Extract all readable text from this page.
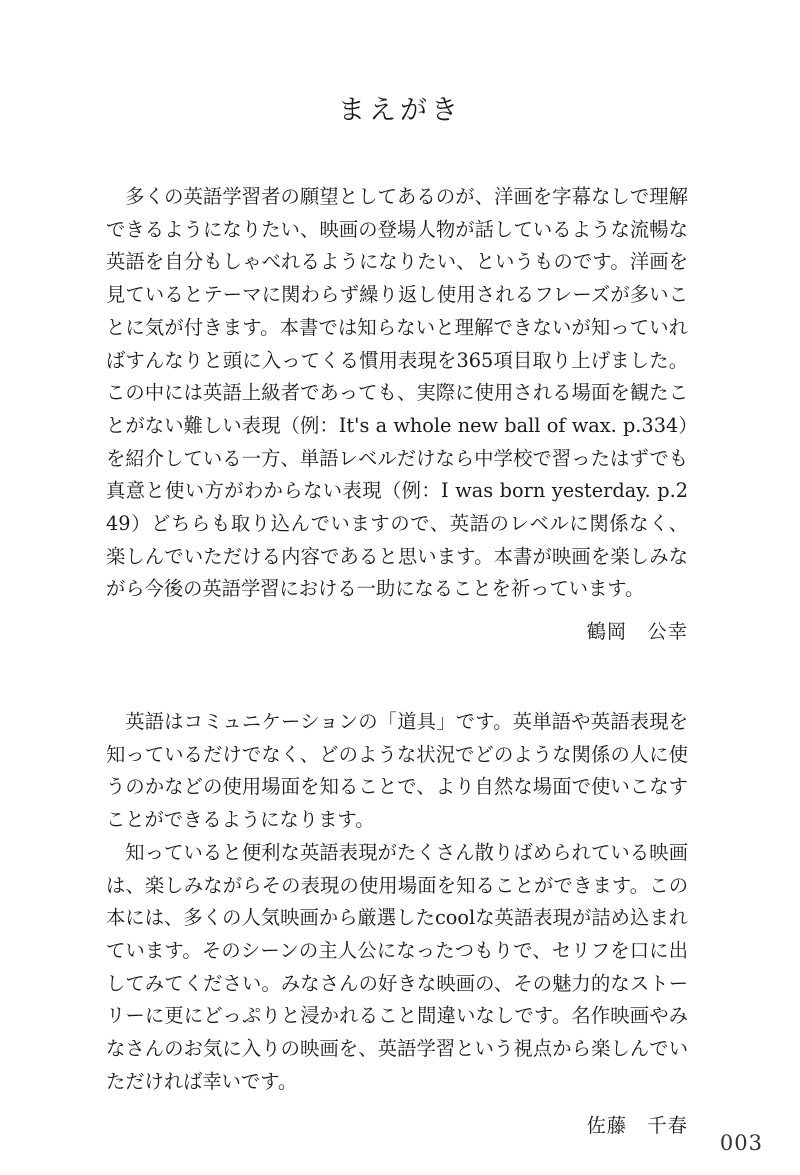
まえがき

多くの英語学習者の願望としてあるのが、洋画を字幕なしで理解できるようになりたい、映画の登場人物が話しているような流暢な英語を自分もしゃべれるようになりたい、というものです。洋画を見ているとテーマに関わらず繰り返し使用されるフレーズが多いことに気が付きます。本書では知らないと理解できないが知っていればすんなりと頭に入ってくる慣用表現を365項目取り上げました。この中には英語上級者であっても、実際に使用される場面を観たことがない難しい表現（例：It's a whole new ball of wax. p.334）を紹介している一方、単語レベルだけなら中学校で習ったはずでも真意と使い方がわからない表現（例：I was born yesterday. p.249）どちらも取り込んでいますので、英語のレベルに関係なく、楽しんでいただける内容であると思います。本書が映画を楽しみながら今後の英語学習における一助になることを祈っています。

鶴岡　公幸

英語はコミュニケーションの「道具」です。英単語や英語表現を知っているだけでなく、どのような状況でどのような関係の人に使うのかなどの使用場面を知ることで、より自然な場面で使いこなすことができるようになります。

知っていると便利な英語表現がたくさん散りばめられている映画は、楽しみながらその表現の使用場面を知ることができます。この本には、多くの人気映画から厳選したcoolな英語表現が詰め込まれています。そのシーンの主人公になったつもりで、セリフを口に出してみてください。みなさんの好きな映画の、その魅力的なストーリーに更にどっぷりと浸かれること間違いなしです。名作映画やみなさんのお気に入りの映画を、英語学習という視点から楽しんでいただければ幸いです。

佐藤　千春
003
